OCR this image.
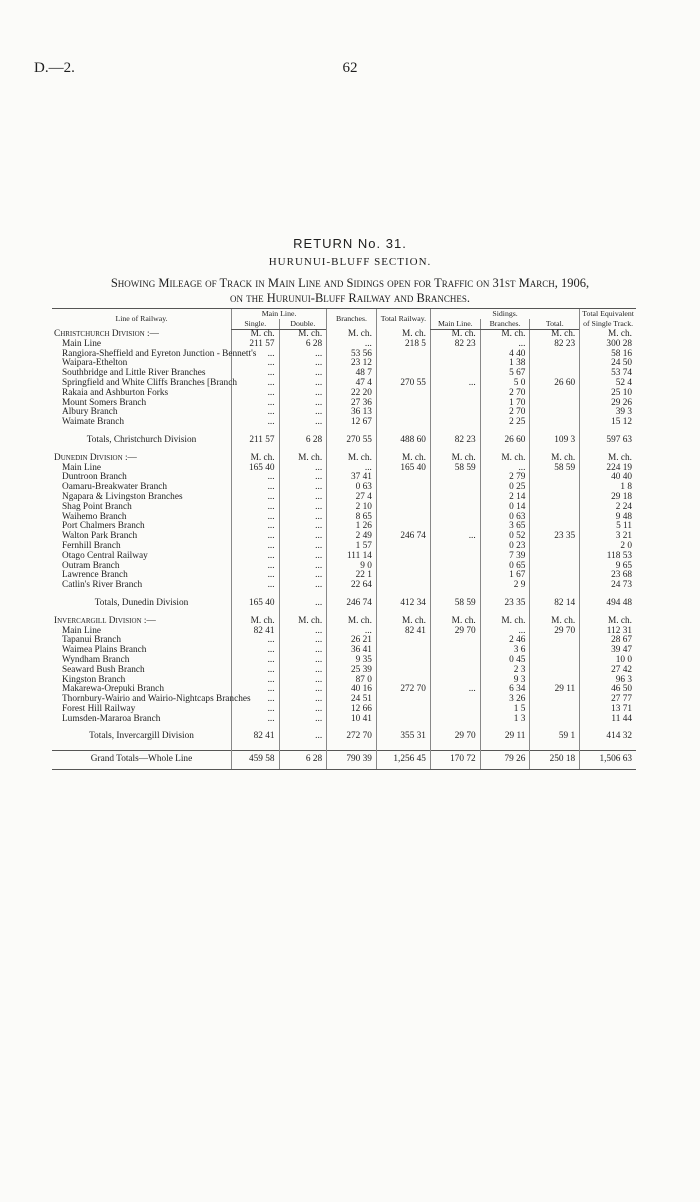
D.—2.	62
RETURN No. 31.
HURUNUI-BLUFF SECTION.
Showing Mileage of Track in Main Line and Sidings open for Traffic on 31st March, 1906,
on the Hurunui-Bluff Railway and Branches.
Line of Railway.	Main Line.		Branches.	Total Railway.	Sidings.			Total Equivalent of Single Track.
	Single.	Double.			Main Line.	Branches.	Total.	
Christchurch Division :—	M. ch.	M. ch.	M. ch.	M. ch.	M. ch.	M. ch.	M. ch.	M. ch.
Main Line	211 57	6 28	...	218 5	82 23	...	82 23	300 28
Rangiora-Sheffield and Eyreton Junction - Bennett's	...	...	53 56			4 40		58 16
Waipara-Ethelton	...	...	23 12			1 38		24 50
Southbridge and Little River Branches	...	...	48 7			5 67		53 74
Springfield and White Cliffs Branches [Branch	...	...	47 4	270 55	...	5 0	26 60	52 4
Rakaia and Ashburton Forks	...	...	22 20			2 70		25 10
Mount Somers Branch	...	...	27 36			1 70		29 26
Albury Branch	...	...	36 13			2 70		39 3
Waimate Branch	...	...	12 67			2 25		15 12
Totals, Christchurch Division	211 57	6 28	270 55	488 60	82 23	26 60	109 3	597 63
Dunedin Division :—	M. ch.	M. ch.	M. ch.	M. ch.	M. ch.	M. ch.	M. ch.	M. ch.
Main Line	165 40	...	...	165 40	58 59	...	58 59	224 19
Duntroon Branch	...	...	37 41			2 79		40 40
Oamaru-Breakwater Branch	...	...	0 63			0 25		1 8
Ngapara & Livingston Branches	...	...	27 4			2 14		29 18
Shag Point Branch	...	...	2 10			0 14		2 24
Waihemo Branch	...	...	8 65			0 63		9 48
Port Chalmers Branch	...	...	1 26			3 65		5 11
Walton Park Branch	...	...	2 49	246 74	...	0 52	23 35	3 21
Fernhill Branch	...	...	1 57			0 23		2 0
Otago Central Railway	...	...	111 14			7 39		118 53
Outram Branch	...	...	9 0			0 65		9 65
Lawrence Branch	...	...	22 1			1 67		23 68
Catlin's River Branch	...	...	22 64			2 9		24 73
Totals, Dunedin Division	165 40	...	246 74	412 34	58 59	23 35	82 14	494 48
Invercargill Division :—	M. ch.	M. ch.	M. ch.	M. ch.	M. ch.	M. ch.	M. ch.	M. ch.
Main Line	82 41	...	...	82 41	29 70	...	29 70	112 31
Tapanui Branch	...	...	26 21			2 46		28 67
Waimea Plains Branch	...	...	36 41			3 6		39 47
Wyndham Branch	...	...	9 35			0 45		10 0
Seaward Bush Branch	...	...	25 39			2 3		27 42
Kingston Branch	...	...	87 0			9 3		96 3
Makarewa-Orepuki Branch	...	...	40 16	272 70	...	6 34	29 11	46 50
Thornbury-Wairio and Wairio-Nightcaps Branches	...	...	24 51			3 26		27 77
Forest Hill Railway	...	...	12 66			1 5		13 71
Lumsden-Mararoa Branch	...	...	10 41			1 3		11 44
Totals, Invercargill Division	82 41	...	272 70	355 31	29 70	29 11	59 1	414 32
Grand Totals—Whole Line	459 58	6 28	790 39	1,256 45	170 72	79 26	250 18	1,506 63
